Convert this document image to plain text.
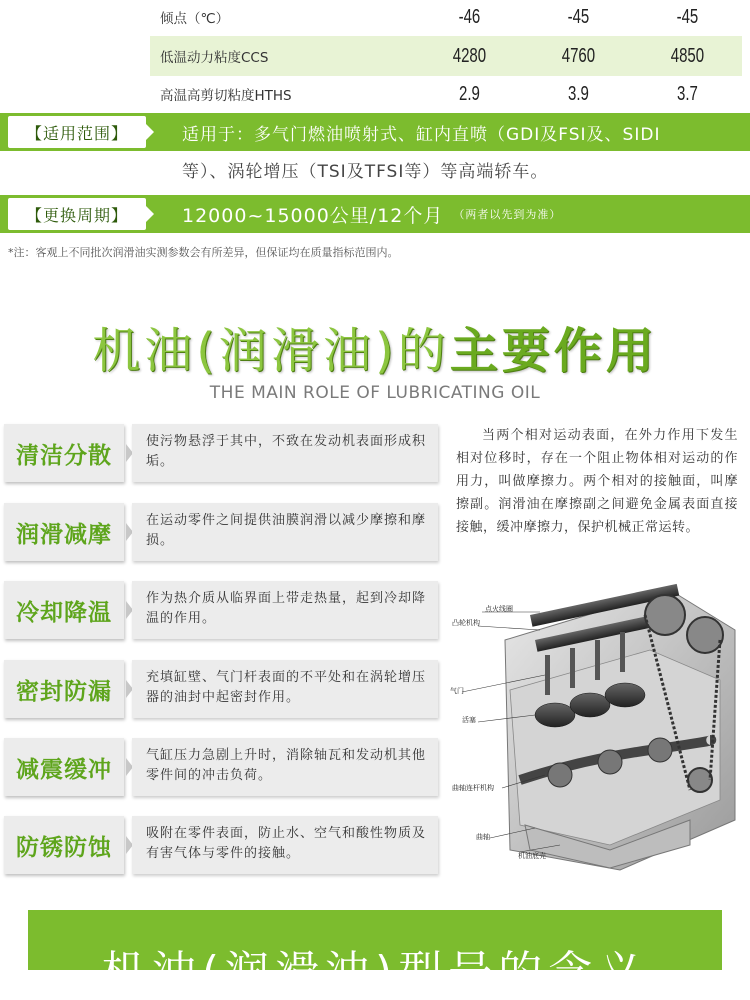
倾点（℃）	-46	-45	-45
低温动力粘度CCS	4280	4760	4850
高温高剪切粘度HTHS	2.9	3.9	3.7
【适用范围】	适用于：多气门燃油喷射式、缸内直喷（GDI及FSI及、SIDI
等）、涡轮增压（TSI及TFSI等）等高端轿车。
【更换周期】	12000~15000公里/12个月 （两者以先到为准）
*注：客观上不同批次润滑油实测参数会有所差异，但保证均在质量指标范围内。
机油(润滑油)的主要作用
THE MAIN ROLE OF LUBRICATING OIL
清洁分散
使污物悬浮于其中，不致在发动机表面形成积垢。
润滑减摩
在运动零件之间提供油膜润滑以减少摩擦和摩损。
冷却降温
作为热介质从临界面上带走热量，起到冷却降温的作用。
密封防漏
充填缸壁、气门杆表面的不平处和在涡轮增压器的油封中起密封作用。
减震缓冲
气缸压力急剧上升时，消除轴瓦和发动机其他零件间的冲击负荷。
防锈防蚀
吸附在零件表面，防止水、空气和酸性物质及有害气体与零件的接触。
当两个相对运动表面，在外力作用下发生相对位移时，存在一个阻止物体相对运动的作用力，叫做摩擦力。两个相对的接触面，叫摩擦副。润滑油在摩擦副之间避免金属表面直接接触，缓冲摩擦力，保护机械正常运转。
点火线圈
凸轮机构
气门
活塞
曲轴连杆机构
曲轴
机油底壳
机油(润滑油)型号的含义
